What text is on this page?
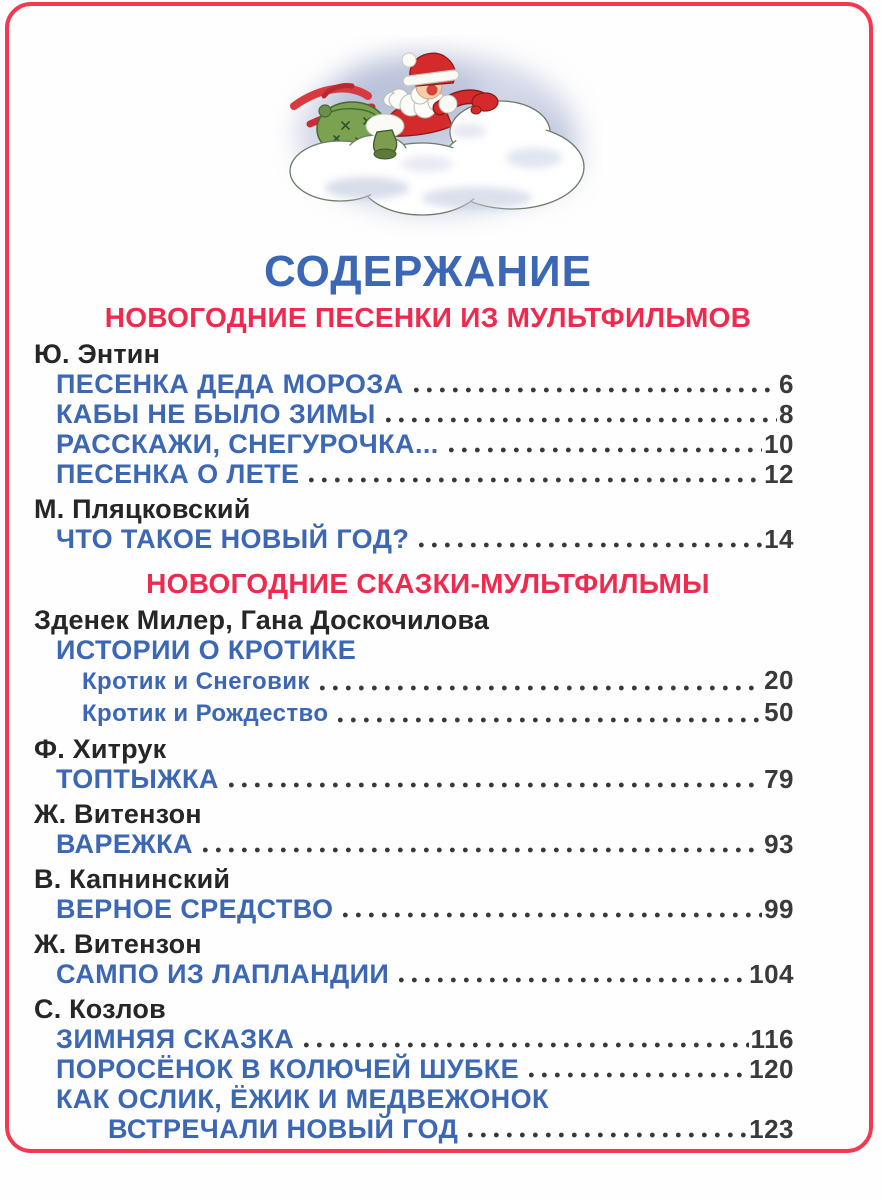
СОДЕРЖАНИЕ
НОВОГОДНИЕ ПЕСЕНКИ ИЗ МУЛЬТФИЛЬМОВ
Ю. Энтин
ПЕСЕНКА ДЕДА МОРОЗА	6
КАБЫ НЕ БЫЛО ЗИМЫ	8
РАССКАЖИ, СНЕГУРОЧКА...	10
ПЕСЕНКА О ЛЕТЕ	12
М. Пляцковский
ЧТО ТАКОЕ НОВЫЙ ГОД?	14
НОВОГОДНИЕ СКАЗКИ-МУЛЬТФИЛЬМЫ
Зденек Милер, Гана Доскочилова
ИСТОРИИ О КРОТИКЕ
Кротик и Снеговик	20
Кротик и Рождество	50
Ф. Хитрук
ТОПТЫЖКА	79
Ж. Витензон
ВАРЕЖКА	93
В. Капнинский
ВЕРНОЕ СРЕДСТВО	99
Ж. Витензон
САМПО ИЗ ЛАПЛАНДИИ	104
С. Козлов
ЗИМНЯЯ СКАЗКА	116
ПОРОСЁНОК В КОЛЮЧЕЙ ШУБКЕ	120
КАК ОСЛИК, ЁЖИК И МЕДВЕЖОНОК
ВСТРЕЧАЛИ НОВЫЙ ГОД	123
